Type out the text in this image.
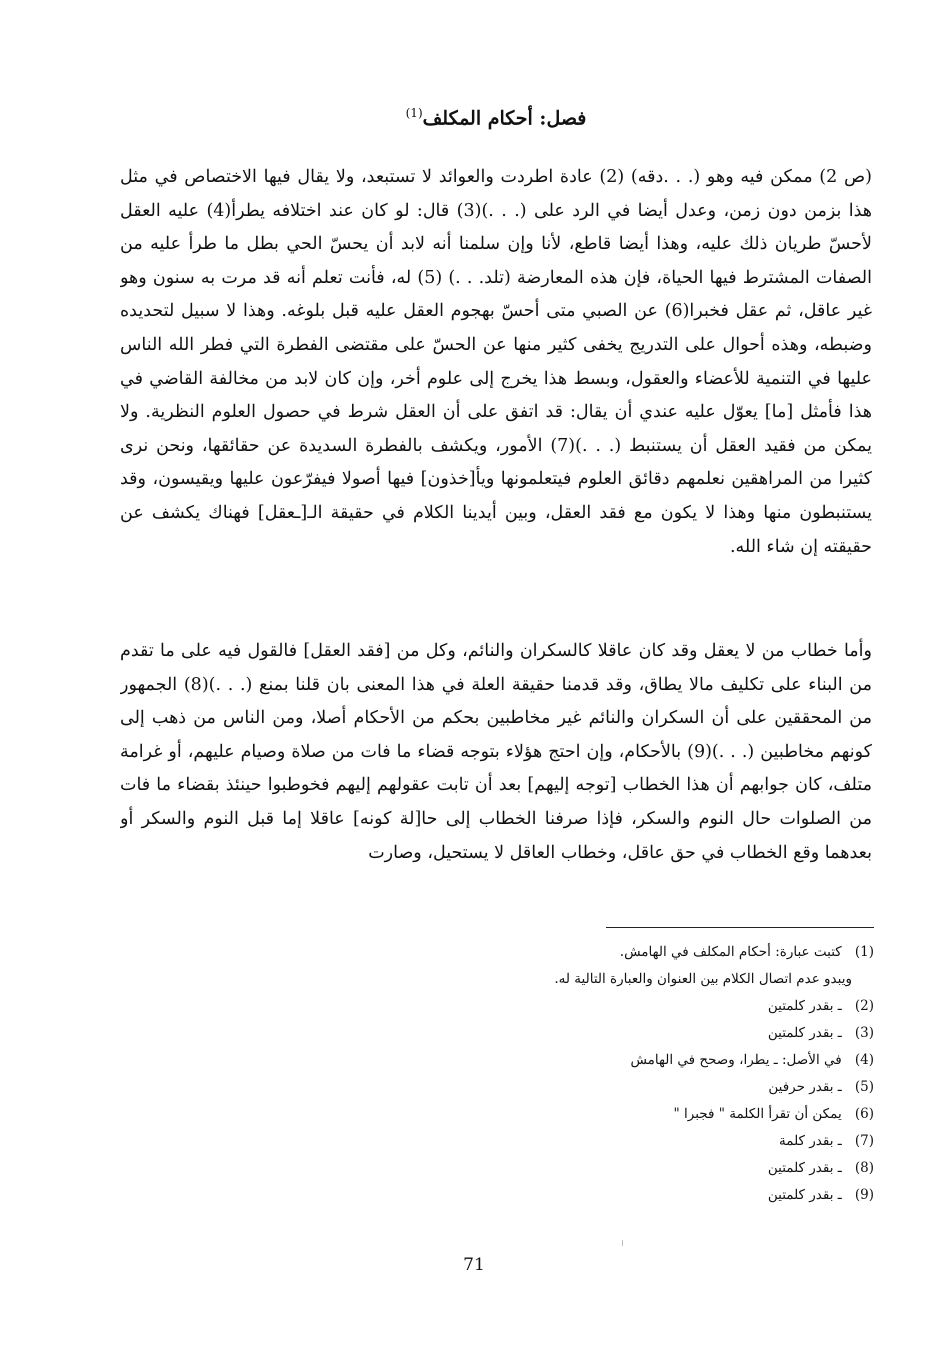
فصل: أحكام المكلف$^{(1)}$

(ص 2) ممكن فيه وهو (. . .دقه) (2) عادة اطردت والعوائد لا تستبعد، ولا يقال فيها الاختصاص في مثل هذا بزمن دون زمن، وعدل أيضا في الرد على (. . .)(3) قال: لو كان عند اختلافه يطرأ(4) عليه العقل لأحسّ طريان ذلك عليه، وهذا أيضا قاطع، لأنا وإن سلمنا أنه لابد أن يحسّ الحي بطل ما طرأ عليه من الصفات المشترط فيها الحياة، فإن هذه المعارضة (تلد. . .) (5) له، فأنت تعلم أنه قد مرت به سنون وهو غير عاقل، ثم عقل فخبرا(6) عن الصبي متى أحسّ بهجوم العقل عليه قبل بلوغه. وهذا لا سبيل لتحديده وضبطه، وهذه أحوال على التدريج يخفى كثير منها عن الحسّ على مقتضى الفطرة التي فطر الله الناس عليها في التنمية للأعضاء والعقول، وبسط هذا يخرج إلى علوم أخر، وإن كان لابد من مخالفة القاضي في هذا فأمثل [ما] يعوّل عليه عندي أن يقال: قد اتفق على أن العقل شرط في حصول العلوم النظرية. ولا يمكن من فقيد العقل أن يستنبط (. . .)(7) الأمور، ويكشف بالفطرة السديدة عن حقائقها، ونحن نرى كثيرا من المراهقين نعلمهم دقائق العلوم فيتعلمونها ويأ[خذون] فيها أصولا فيفرّعون عليها ويقيسون، وقد يستنبطون منها وهذا لا يكون مع فقد العقل، وبين أيدينا الكلام في حقيقة الـ[ـعقل] فهناك يكشف عن حقيقته إن شاء الله.

وأما خطاب من لا يعقل وقد كان عاقلا كالسكران والنائم، وكل من [فقد العقل] فالقول فيه على ما تقدم من البناء على تكليف مالا يطاق، وقد قدمنا حقيقة العلة في هذا المعنى بان قلنا بمنع (. . .)(8) الجمهور من المحققين على أن السكران والنائم غير مخاطبين بحكم من الأحكام أصلا، ومن الناس من ذهب إلى كونهم مخاطبين (. . .)(9) بالأحكام، وإن احتج هؤلاء بتوجه قضاء ما فات من صلاة وصيام عليهم، أو غرامة متلف، كان جوابهم أن هذا الخطاب [توجه إليهم] بعد أن تابت عقولهم إليهم فخوطبوا حينئذ بقضاء ما فات من الصلوات حال النوم والسكر، فإذا صرفنا الخطاب إلى حا[لة كونه] عاقلا إما قبل النوم والسكر أو بعدهما وقع الخطاب في حق عاقل، وخطاب العاقل لا يستحيل، وصارت

(1) كتبت عبارة: أحكام المكلف في الهامش.
ويبدو عدم اتصال الكلام بين العنوان والعبارة التالية له.
(2) ـ بقدر كلمتين
(3) ـ بقدر كلمتين
(4) في الأصل: ـ يطرا، وصحح في الهامش
(5) ـ بقدر حرفين
(6) يمكن أن تقرأ الكلمة " فجبرا "
(7) ـ بقدر كلمة
(8) ـ بقدر كلمتين
(9) ـ بقدر كلمتين
71
